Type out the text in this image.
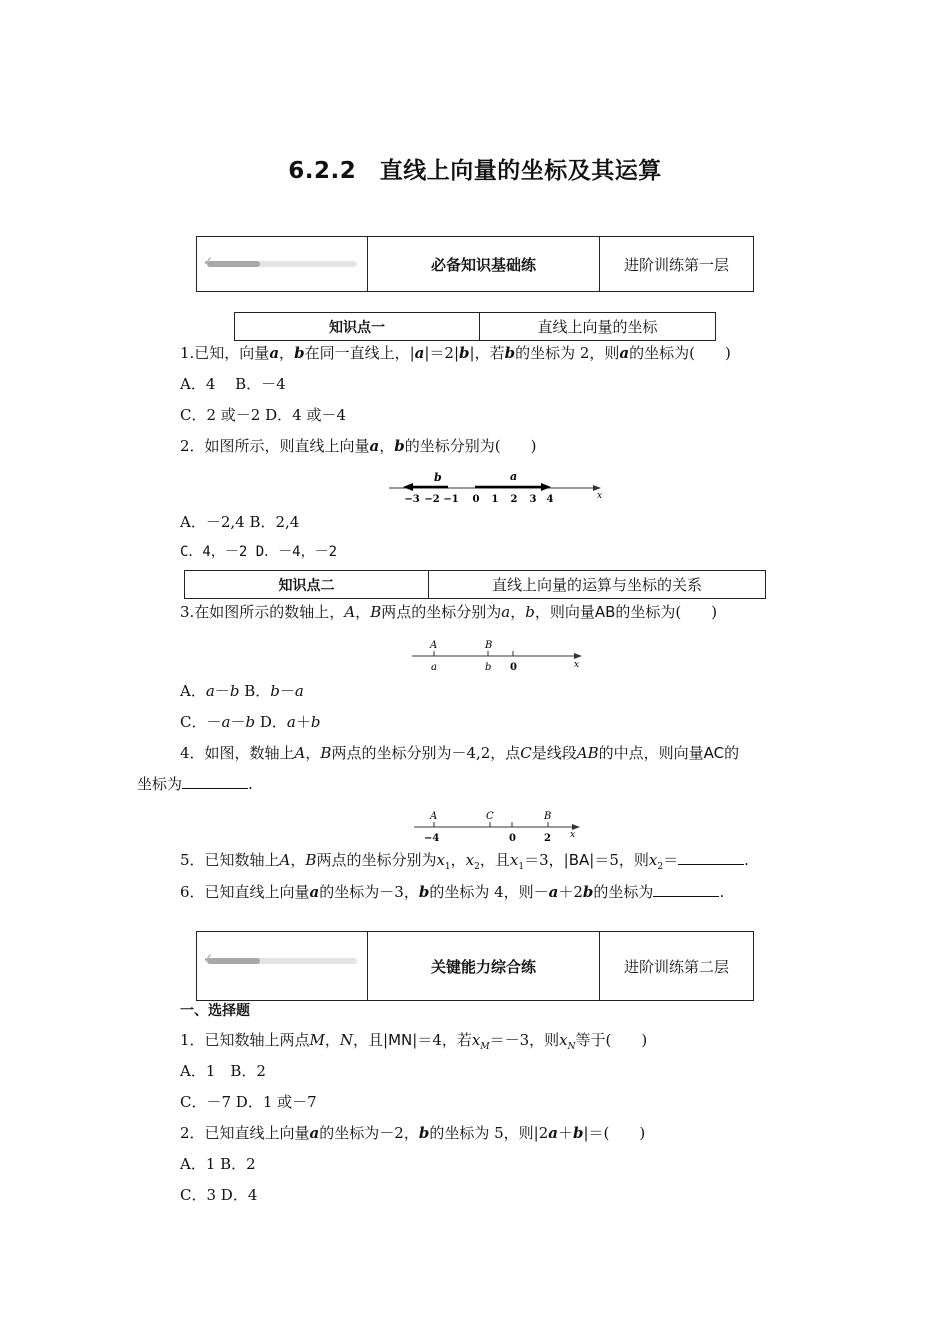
6.2.2　直线上向量的坐标及其运算
✓	必备知识基础练	进阶训练第一层
知识点一	直线上向量的坐标
1.已知，向量a，b在同一直线上，|a|＝2|b|，若b的坐标为 2，则a的坐标为(　　)
A．4　 B．－4
C．2 或－2 D．4 或－4
2．如图所示，则直线上向量a，b的坐标分别为(　　)
b	a
−3 −2 −1 0 1 2 3 4	x
A．－2,4 B．2,4
C．4，－2 D．－4，－2
知识点二	直线上向量的运算与坐标的关系
3.在如图所示的数轴上，A，B两点的坐标分别为a，b，则向量AB的坐标为(　　)
A	B
a	b 0	x
A．a－b B．b－a
C．－a－b D．a＋b
4．如图，数轴上A，B两点的坐标分别为－4,2，点C是线段AB的中点，则向量AC的
坐标为	.
A	C	B
−4	0	2 x
5．已知数轴上A，B两点的坐标分别为$x_1$，$x_2$，且$x_1=3$，|BA|＝5，则$x_2=$	.
6．已知直线上向量a的坐标为－3，b的坐标为 4，则－a＋2b的坐标为	.
✓	关键能力综合练	进阶训练第二层
一、选择题
1．已知数轴上两点M，N，且|MN|＝4，若$x_M=-3$，则$x_N$等于(　　)
A．1　B．2
C．－7 D．1 或－7
2．已知直线上向量a的坐标为－2，b的坐标为 5，则|2a＋b|＝(　　)
A．1 B．2
C．3 D．4
